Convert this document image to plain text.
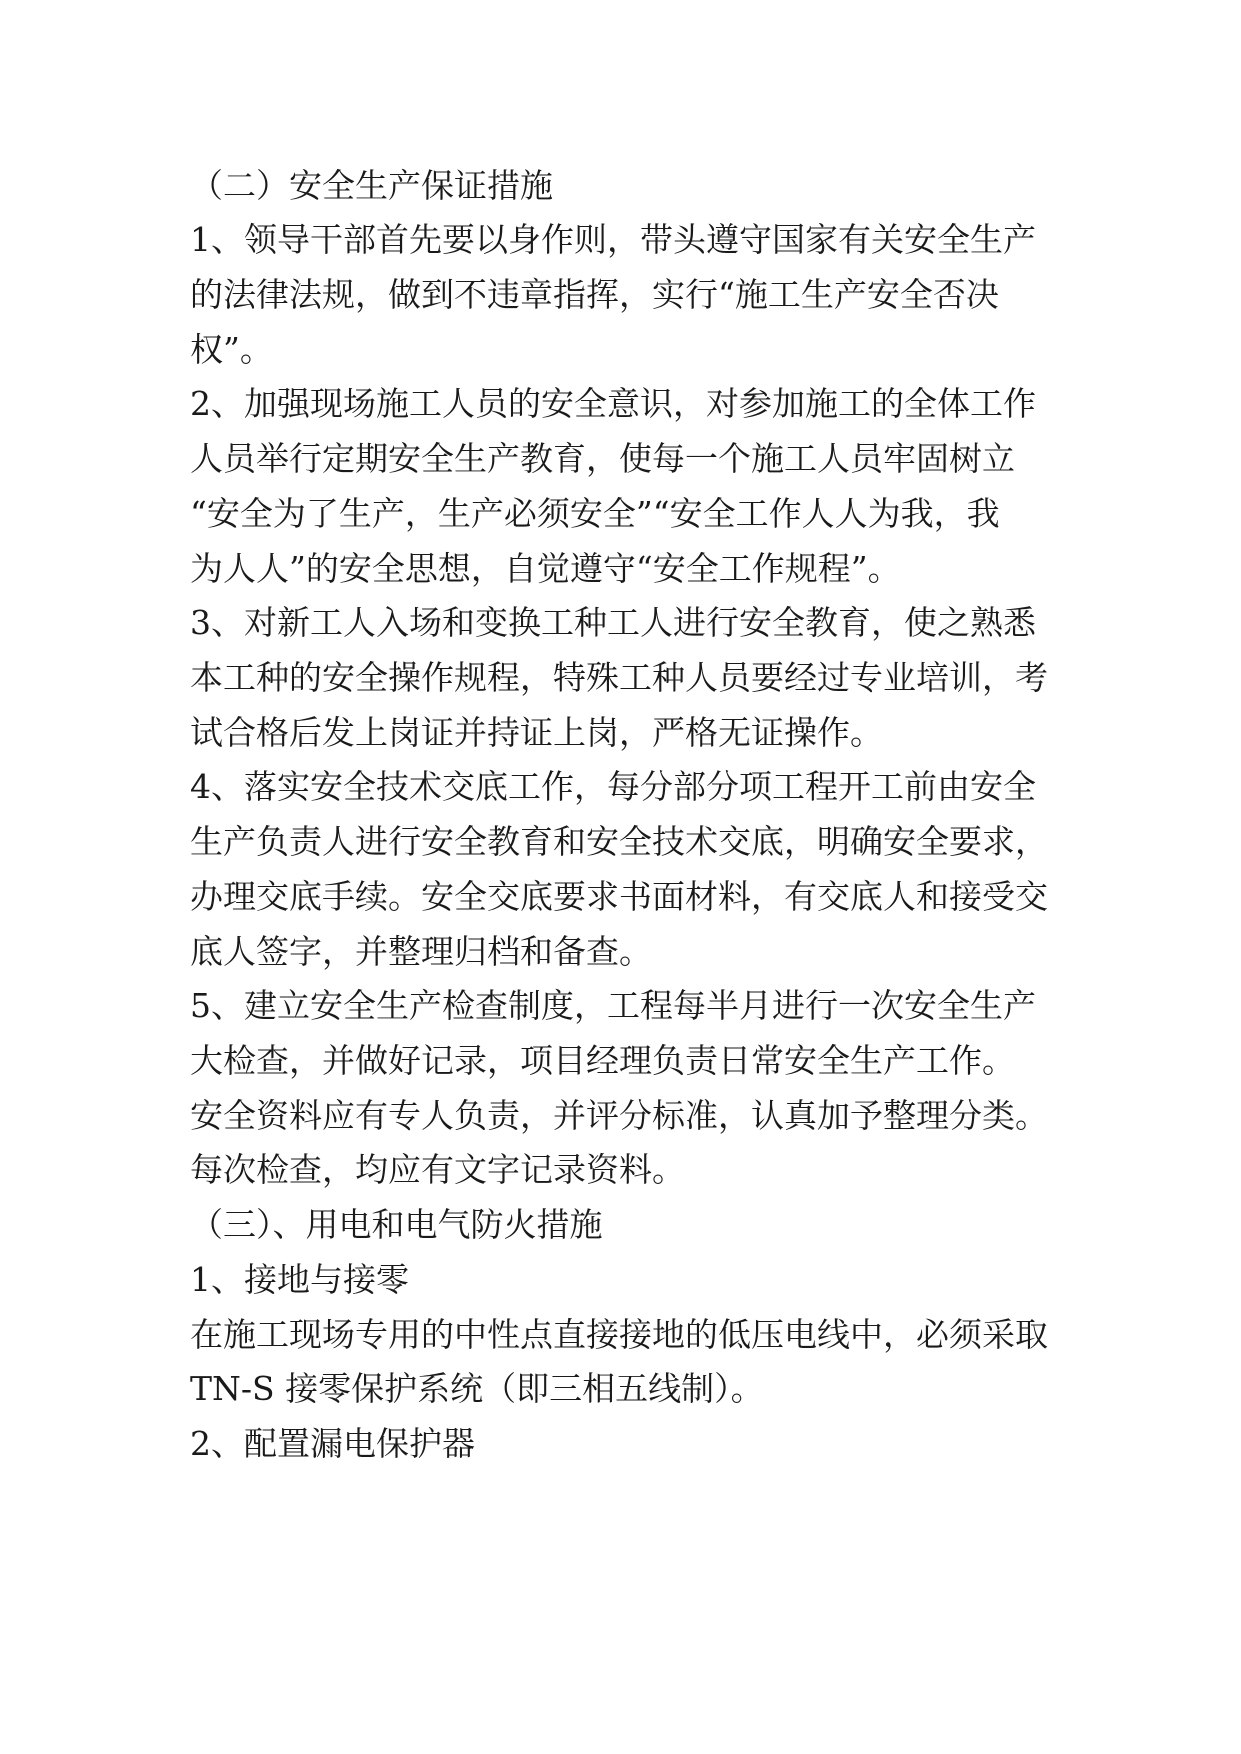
（二）安全生产保证措施

1、领导干部首先要以身作则，带头遵守国家有关安全生产

的法律法规，做到不违章指挥，实行“施工生产安全否决

权”。

2、加强现场施工人员的安全意识，对参加施工的全体工作

人员举行定期安全生产教育，使每一个施工人员牢固树立

“安全为了生产，生产必须安全”“安全工作人人为我，我

为人人”的安全思想，自觉遵守“安全工作规程”。

3、对新工人入场和变换工种工人进行安全教育，使之熟悉

本工种的安全操作规程，特殊工种人员要经过专业培训，考

试合格后发上岗证并持证上岗，严格无证操作。

4、落实安全技术交底工作，每分部分项工程开工前由安全

生产负责人进行安全教育和安全技术交底，明确安全要求，

办理交底手续。安全交底要求书面材料，有交底人和接受交

底人签字，并整理归档和备查。

5、建立安全生产检查制度，工程每半月进行一次安全生产

大检查，并做好记录，项目经理负责日常安全生产工作。

安全资料应有专人负责，并评分标准，认真加予整理分类。

每次检查，均应有文字记录资料。

（三）、用电和电气防火措施

1、接地与接零

在施工现场专用的中性点直接接地的低压电线中，必须采取

TN-S 接零保护系统（即三相五线制）。

2、配置漏电保护器
